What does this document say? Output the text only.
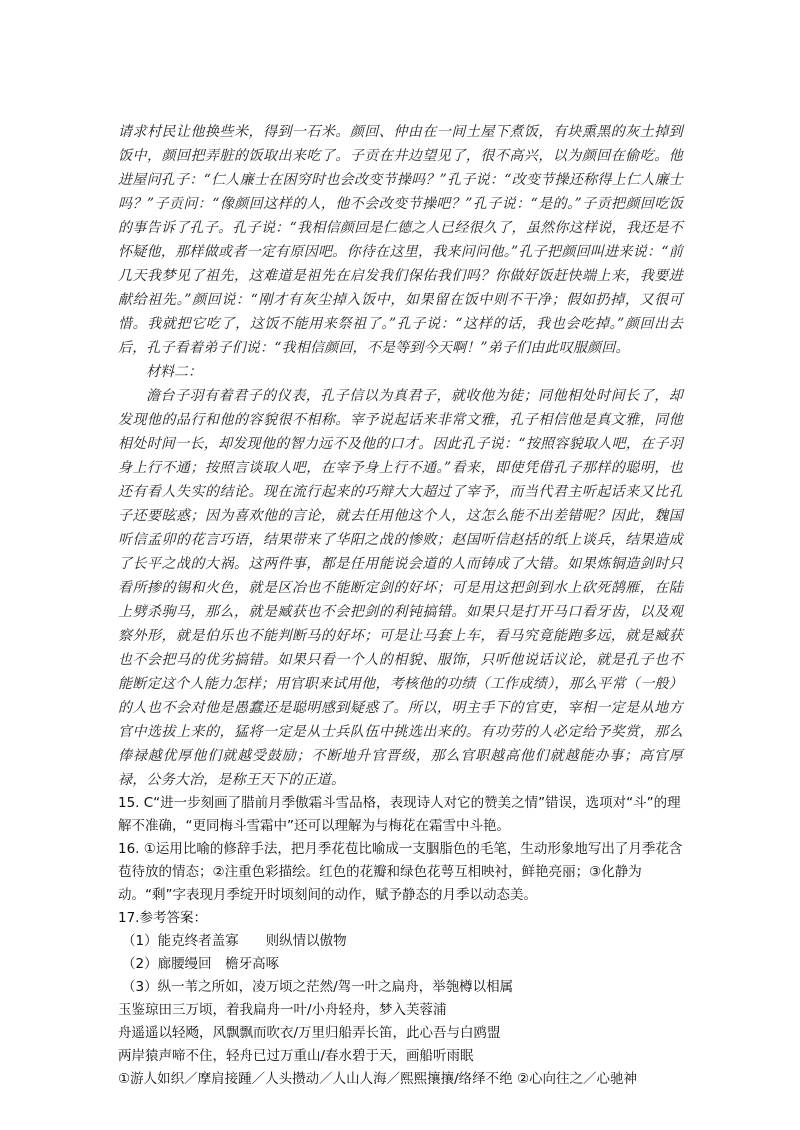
请求村民让他换些米，得到一石米。颜回、仲由在一间土屋下煮饭，有块熏黑的灰土掉到饭中，颜回把弄脏的饭取出来吃了。子贡在井边望见了，很不高兴，以为颜回在偷吃。他进屋问孔子：“仁人廉士在困穷时也会改变节操吗？”孔子说：“改变节操还称得上仁人廉士吗？”子贡问：“像颜回这样的人，他不会改变节操吧？”孔子说：“是的。”子贡把颜回吃饭的事告诉了孔子。孔子说：“我相信颜回是仁德之人已经很久了，虽然你这样说，我还是不怀疑他，那样做或者一定有原因吧。你待在这里，我来问问他。”孔子把颜回叫进来说：“前几天我梦见了祖先，这难道是祖先在启发我们保佑我们吗？你做好饭赶快端上来，我要进献给祖先。”颜回说：“刚才有灰尘掉入饭中，如果留在饭中则不干净；假如扔掉，又很可惜。我就把它吃了，这饭不能用来祭祖了。”孔子说：“这样的话，我也会吃掉。”颜回出去后，孔子看着弟子们说：“我相信颜回，不是等到今天啊！”弟子们由此叹服颜回。

材料二：

澹台子羽有着君子的仪表，孔子信以为真君子，就收他为徒；同他相处时间长了，却发现他的品行和他的容貌很不相称。宰予说起话来非常文雅，孔子相信他是真文雅，同他相处时间一长，却发现他的智力远不及他的口才。因此孔子说：“按照容貌取人吧，在子羽身上行不通；按照言谈取人吧，在宰予身上行不通。”看来，即使凭借孔子那样的聪明，也还有看人失实的结论。现在流行起来的巧辩大大超过了宰予，而当代君主听起话来又比孔子还要眩惑；因为喜欢他的言论，就去任用他这个人，这怎么能不出差错呢？因此，魏国听信孟卯的花言巧语，结果带来了华阳之战的惨败；赵国听信赵括的纸上谈兵，结果造成了长平之战的大祸。这两件事，都是任用能说会道的人而铸成了大错。如果炼铜造剑时只看所掺的锡和火色，就是区冶也不能断定剑的好坏；可是用这把剑到水上砍死鹄雁，在陆上劈杀驹马，那么，就是臧获也不会把剑的利钝搞错。如果只是打开马口看牙齿，以及观察外形，就是伯乐也不能判断马的好坏；可是让马套上车，看马究竟能跑多远，就是臧获也不会把马的优劣搞错。如果只看一个人的相貌、服饰，只听他说话议论，就是孔子也不能断定这个人能力怎样；用官职来试用他，考核他的功绩（工作成绩），那么平常（一般）的人也不会对他是愚蠢还是聪明感到疑惑了。所以，明主手下的官吏，宰相一定是从地方官中选拔上来的，猛将一定是从士兵队伍中挑选出来的。有功劳的人必定给予奖赏，那么俸禄越优厚他们就越受鼓励；不断地升官晋级，那么官职越高他们就越能办事；高官厚禄，公务大治，是称王天下的正道。

15. C“进一步刻画了腊前月季傲霜斗雪品格，表现诗人对它的赞美之情”错误，选项对“斗”的理解不准确，“更同梅斗雪霜中”还可以理解为与梅花在霜雪中斗艳。

16. ①运用比喻的修辞手法，把月季花苞比喻成一支胭脂色的毛笔，生动形象地写出了月季花含苞待放的情态；②注重色彩描绘。红色的花瓣和绿色花萼互相映衬，鲜艳亮丽；③化静为动。“剩”字表现月季绽开时顷刻间的动作，赋予静态的月季以动态美。

17.参考答案：

（1）能克终者盖寡　　则纵情以傲物

（2）廊腰缦回　檐牙高啄

（3）纵一苇之所如，凌万顷之茫然/驾一叶之扁舟，举匏樽以相属

玉鉴琼田三万顷，着我扁舟一叶/小舟轻舟，梦入芙蓉浦

舟遥遥以轻飏，风飘飘而吹衣/万里归船弄长笛，此心吾与白鸥盟

两岸猿声啼不住，轻舟已过万重山/春水碧于天，画船听雨眠

①游人如织／摩肩接踵／人头攒动／人山人海／熙熙攘攘/络绎不绝 ②心向往之／心驰神
